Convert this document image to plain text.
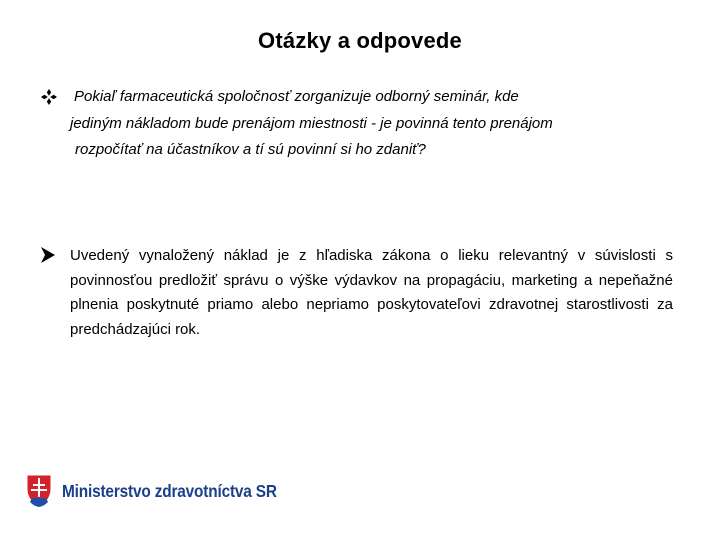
Otázky a odpovede
Pokiaľ farmaceutická spoločnosť zorganizuje odborný seminár, kde
jediným nákladom bude prenájom miestnosti - je povinná tento prenájom
rozpočítať na účastníkov a tí sú povinní si ho zdaniť?
Uvedený vynaložený náklad je z hľadiska zákona o lieku relevantný v súvislosti s povinnosťou predložiť správu o výške výdavkov na propagáciu, marketing a nepeňažné plnenia poskytnuté priamo alebo nepriamo poskytovateľovi zdravotnej starostlivosti za predchádzajúci rok.
Ministerstvo zdravotníctva SR
